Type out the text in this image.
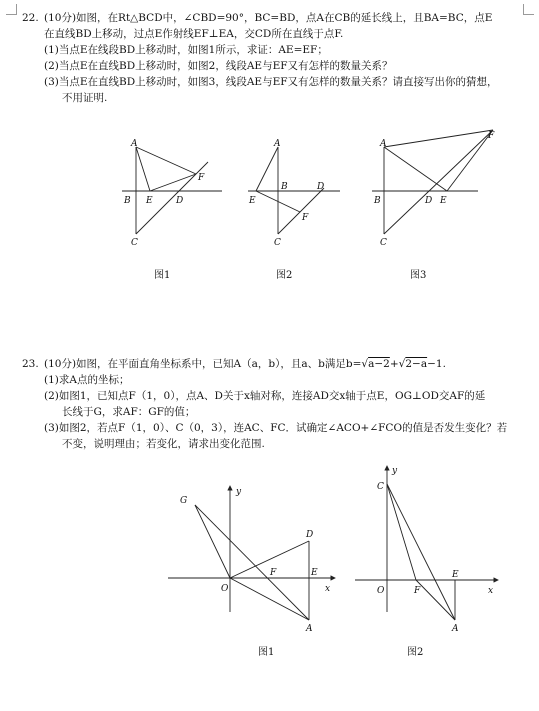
22. (10分)如图，在Rt△BCD中，∠CBD=90°，BC=BD，点A在CB的延长线上，且BA=BC，点E
在直线BD上移动，过点E作射线EF⊥EA，交CD所在直线于点F.
(1)当点E在线段BD上移动时，如图1所示，求证：AE=EF；
(2)当点E在直线BD上移动时，如图2，线段AE与EF又有怎样的数量关系？
(3)当点E在直线BD上移动时，如图3，线段AE与EF又有怎样的数量关系？请直接写出你的猜想，
不用证明.
A
B E	D
F
C
A
E
B	D
F
C
A
F
B	D E
C
图1	图2	图3
23. (10分)如图，在平面直角坐标系中，已知A（a，b），且a、b满足b=√a−2+√2−a−1.
(1)求A点的坐标；
(2)如图1，已知点F（1，0），点A、D关于x轴对称，连接AD交x轴于点E，OG⊥OD交AF的延
长线于G，求AF：GF的值；
(3)如图2，若点F（1，0）、C（0，3），连AC、FC．试确定∠ACO+∠FCO的值是否发生变化？若
不变，说明理由；若变化，请求出变化范围.
G
y
D
F	E
O	x
A
C
y
E
O	F	x
A
图1	图2
